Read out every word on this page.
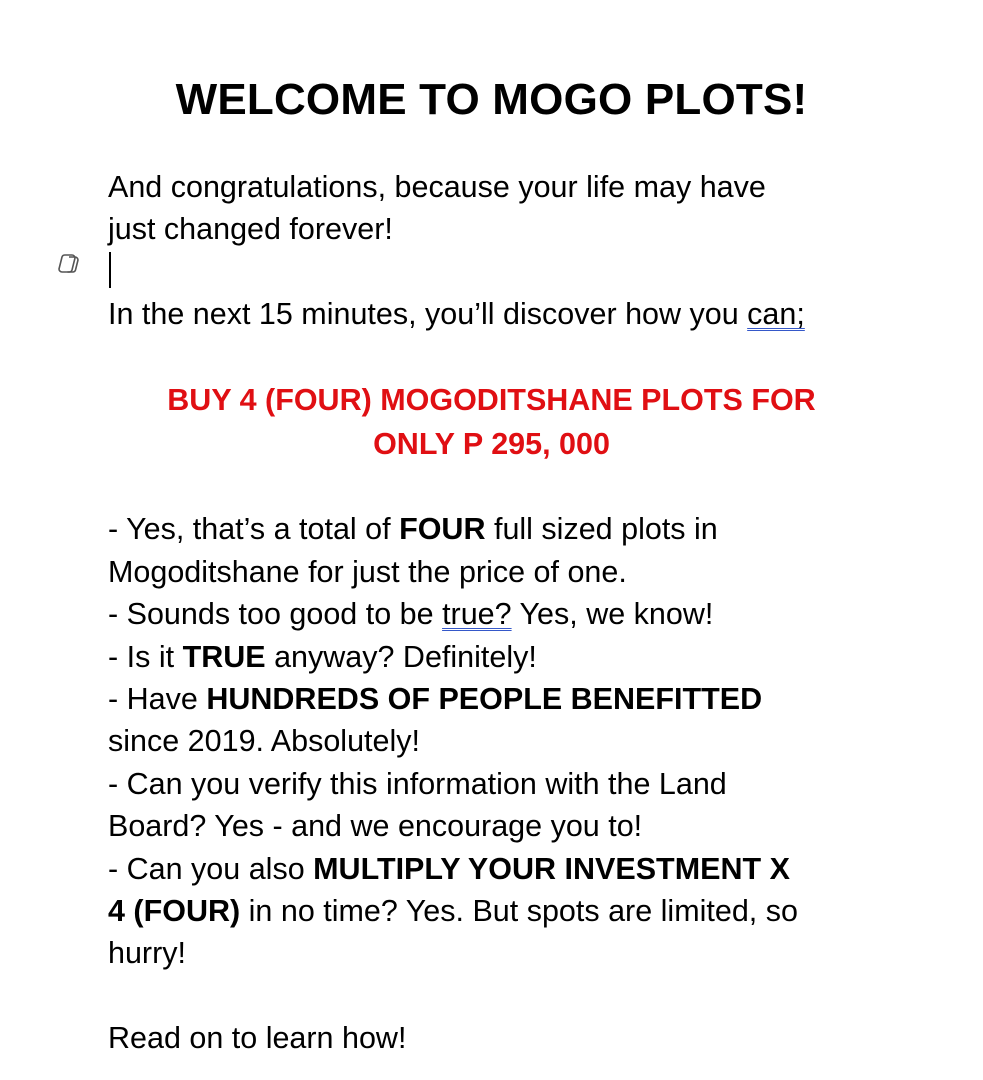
WELCOME TO MOGO PLOTS!

And congratulations, because your life may have

just changed forever!

In the next 15 minutes, you’ll discover how you can;

BUY 4 (FOUR) MOGODITSHANE PLOTS FOR

ONLY P 295, 000

- Yes, that’s a total of FOUR full sized plots in

Mogoditshane for just the price of one.

- Sounds too good to be true? Yes, we know!

- Is it TRUE anyway? Definitely!

- Have HUNDREDS OF PEOPLE BENEFITTED

since 2019. Absolutely!

- Can you verify this information with the Land

Board? Yes - and we encourage you to!

- Can you also MULTIPLY YOUR INVESTMENT X

4 (FOUR) in no time? Yes. But spots are limited, so

hurry!

Read on to learn how!
